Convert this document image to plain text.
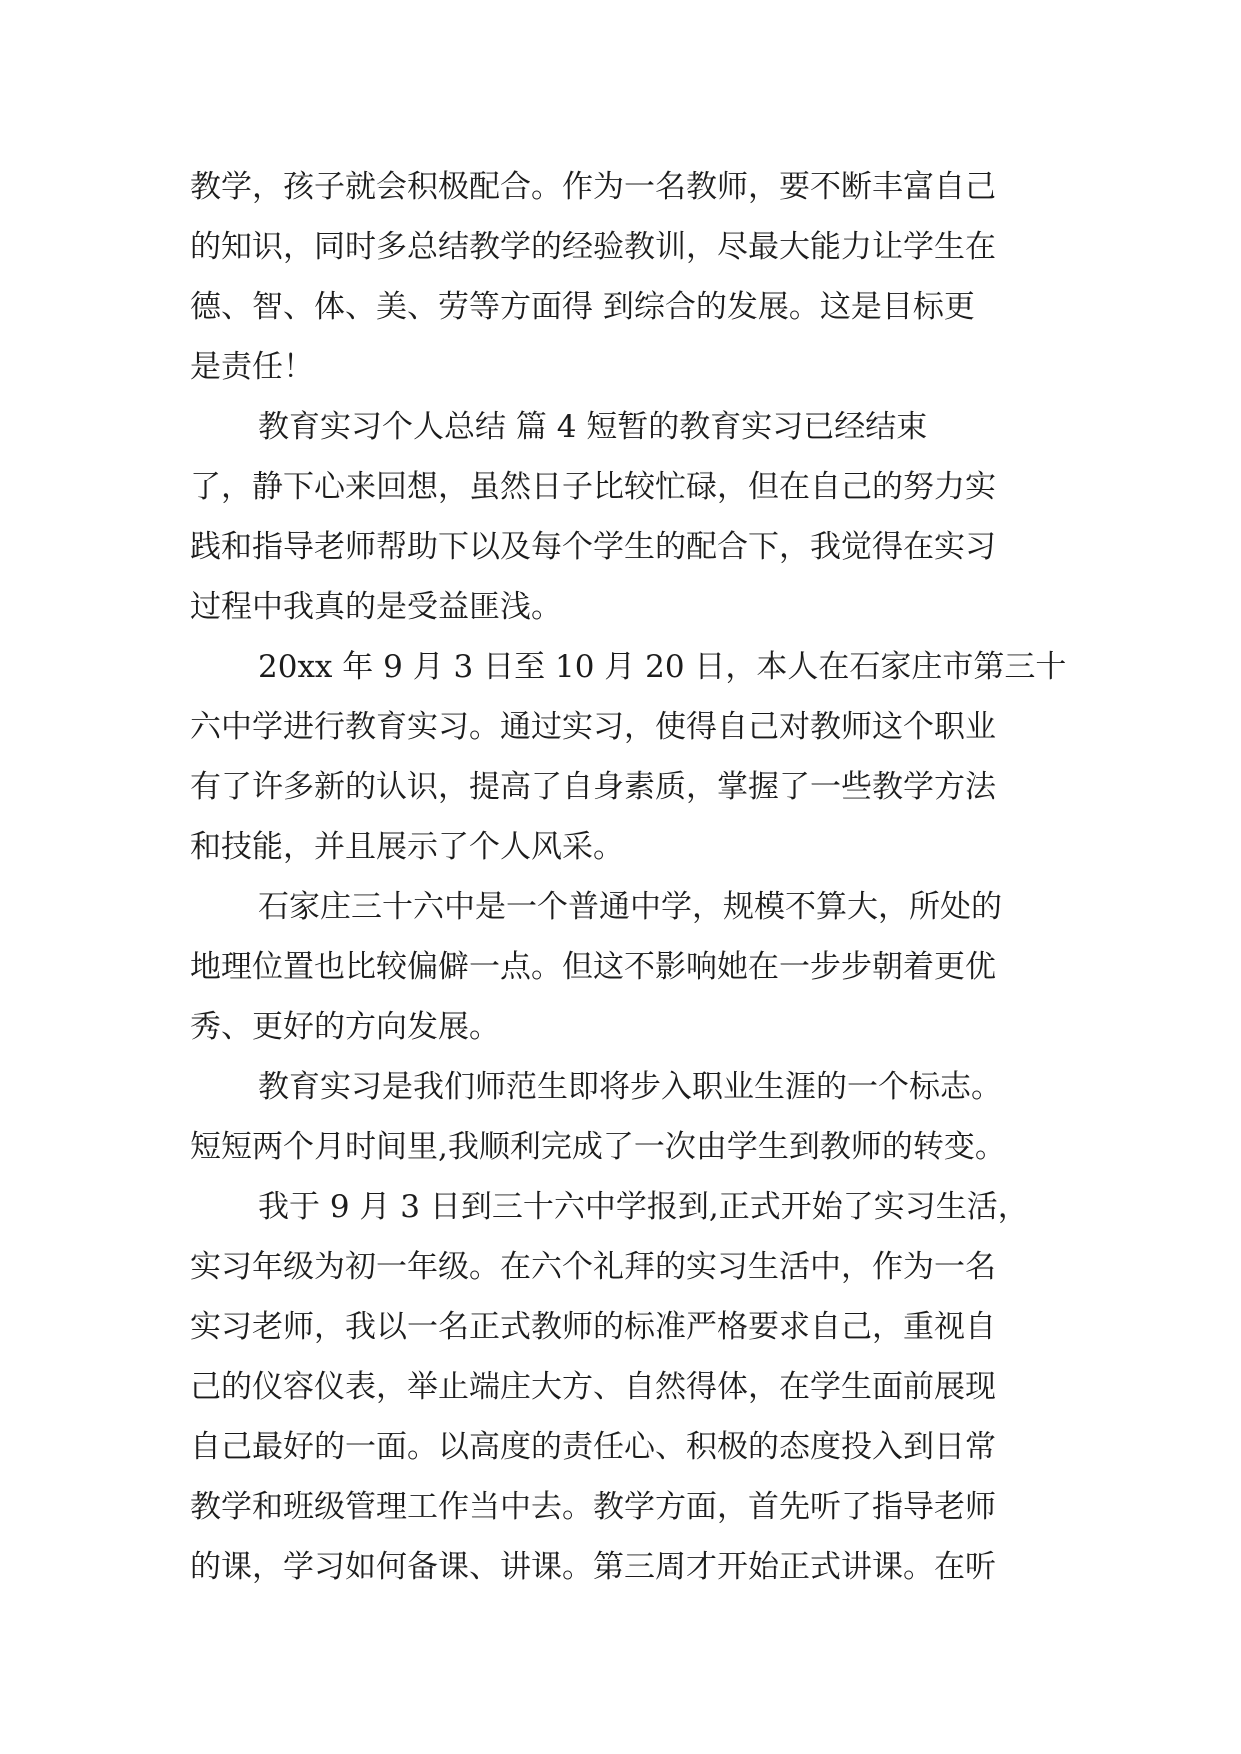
教学，孩子就会积极配合。作为一名教师，要不断丰富自己
的知识，同时多总结教学的经验教训，尽最大能力让学生在
德、智、体、美、劳等方面得 到综合的发展。这是目标更
是责任！
教育实习个人总结 篇 4 短暂的教育实习已经结束
了，静下心来回想，虽然日子比较忙碌，但在自己的努力实
践和指导老师帮助下以及每个学生的配合下，我觉得在实习
过程中我真的是受益匪浅。
20xx 年 9 月 3 日至 10 月 20 日，本人在石家庄市第三十
六中学进行教育实习。通过实习，使得自己对教师这个职业
有了许多新的认识，提高了自身素质，掌握了一些教学方法
和技能，并且展示了个人风采。
石家庄三十六中是一个普通中学，规模不算大，所处的
地理位置也比较偏僻一点。但这不影响她在一步步朝着更优
秀、更好的方向发展。
教育实习是我们师范生即将步入职业生涯的一个标志。
短短两个月时间里,我顺利完成了一次由学生到教师的转变。
我于 9 月 3 日到三十六中学报到,正式开始了实习生活，
实习年级为初一年级。在六个礼拜的实习生活中，作为一名
实习老师，我以一名正式教师的标准严格要求自己，重视自
己的仪容仪表，举止端庄大方、自然得体，在学生面前展现
自己最好的一面。以高度的责任心、积极的态度投入到日常
教学和班级管理工作当中去。教学方面，首先听了指导老师
的课，学习如何备课、讲课。第三周才开始正式讲课。在听
